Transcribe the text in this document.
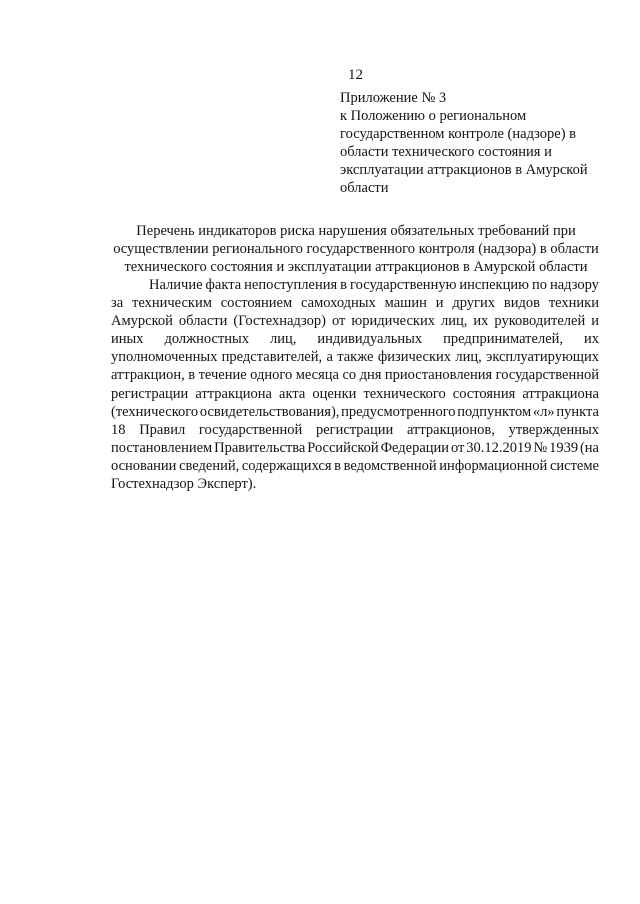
12
Приложение № 3
к Положению о региональном
государственном контроле (надзоре) в
области технического состояния и
эксплуатации аттракционов в Амурской
области
Перечень индикаторов риска нарушения обязательных требований при
осуществлении регионального государственного контроля (надзора) в области
технического состояния и эксплуатации аттракционов в Амурской области
Наличие факта непоступления в государственную инспекцию по надзору
за техническим состоянием самоходных машин и других видов техники
Амурской области (Гостехнадзор) от юридических лиц, их руководителей и
иных должностных лиц, индивидуальных предпринимателей, их
уполномоченных представителей, а также физических лиц, эксплуатирующих
аттракцион, в течение одного месяца со дня приостановления государственной
регистрации аттракциона акта оценки технического состояния аттракциона
(технического освидетельствования), предусмотренного подпунктом «л» пункта
18 Правил государственной регистрации аттракционов, утвержденных
постановлением Правительства Российской Федерации от 30.12.2019 № 1939 (на
основании сведений, содержащихся в ведомственной информационной системе
Гостехнадзор Эксперт).
